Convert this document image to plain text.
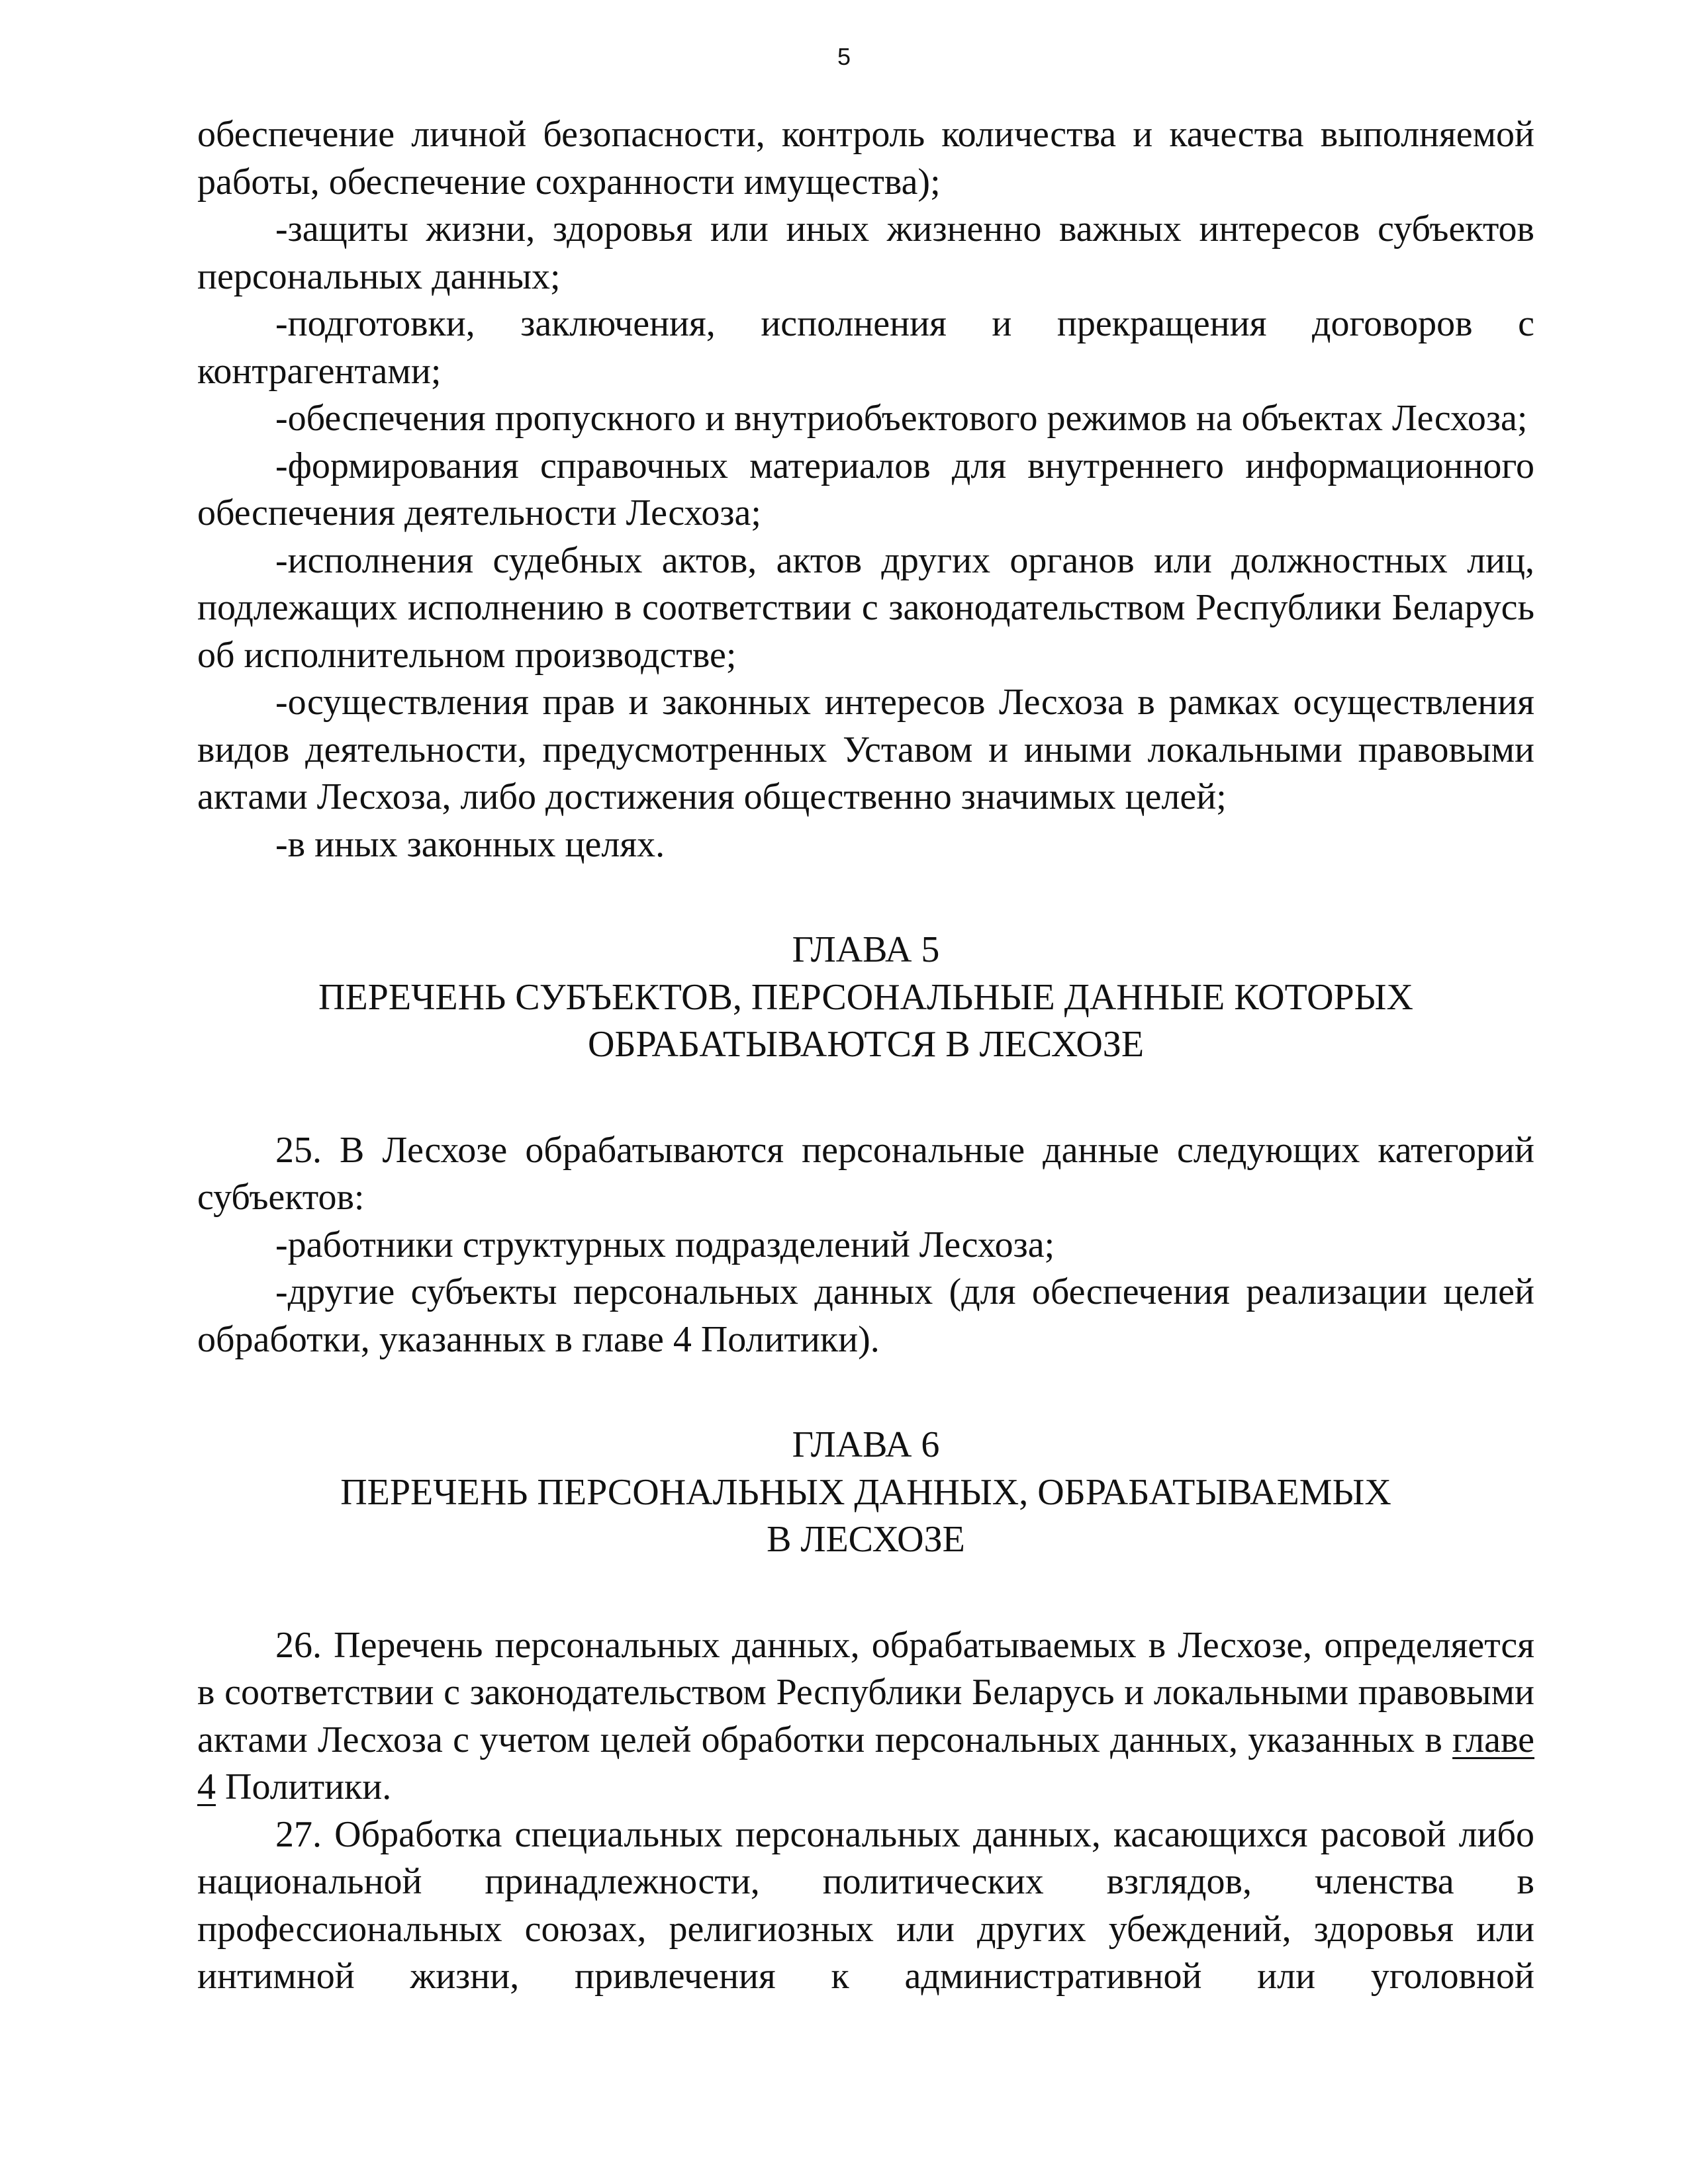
5

обеспечение личной безопасности, контроль количества и качества выполняемой работы, обеспечение сохранности имущества);

-защиты жизни, здоровья или иных жизненно важных интересов субъектов персональных данных;

-подготовки, заключения, исполнения и прекращения договоров с контрагентами;

-обеспечения пропускного и внутриобъектового режимов на объектах Лесхоза;

-формирования справочных материалов для внутреннего информационного обеспечения деятельности Лесхоза;

-исполнения судебных актов, актов других органов или должностных лиц, подлежащих исполнению в соответствии с законодательством Республики Беларусь об исполнительном производстве;

-осуществления прав и законных интересов Лесхоза в рамках осуществления видов деятельности, предусмотренных Уставом и иными локальными правовыми актами Лесхоза, либо достижения общественно значимых целей;

-в иных законных целях.

ГЛАВА 5
ПЕРЕЧЕНЬ СУБЪЕКТОВ, ПЕРСОНАЛЬНЫЕ ДАННЫЕ КОТОРЫХ
ОБРАБАТЫВАЮТСЯ В ЛЕСХОЗЕ

25. В Лесхозе обрабатываются персональные данные следующих категорий субъектов:

-работники структурных подразделений Лесхоза;

-другие субъекты персональных данных (для обеспечения реализации целей обработки, указанных в главе 4 Политики).

ГЛАВА 6
ПЕРЕЧЕНЬ ПЕРСОНАЛЬНЫХ ДАННЫХ, ОБРАБАТЫВАЕМЫХ
В ЛЕСХОЗЕ

26. Перечень персональных данных, обрабатываемых в Лесхозе, определяется в соответствии с законодательством Республики Беларусь и локальными правовыми актами Лесхоза с учетом целей обработки персональных данных, указанных в главе 4 Политики.

27. Обработка специальных персональных данных, касающихся расовой либо национальной принадлежности, политических взглядов, членства в профессиональных союзах, религиозных или других убеждений, здоровья или интимной жизни, привлечения к административной или уголовной
